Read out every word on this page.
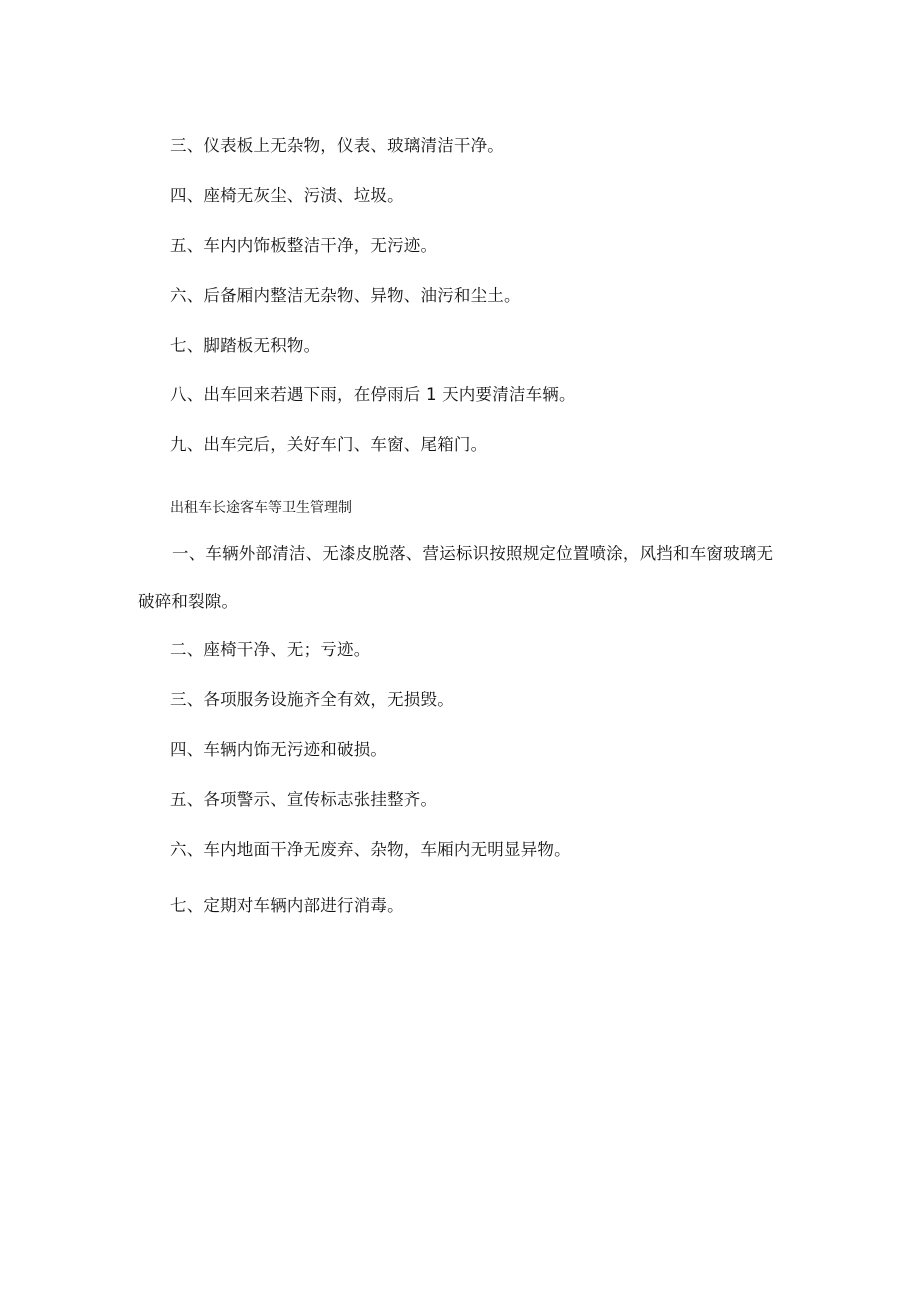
三、仪表板上无杂物，仪表、玻璃清洁干净。
四、座椅无灰尘、污渍、垃圾。
五、车内内饰板整洁干净，无污迹。
六、后备厢内整洁无杂物、异物、油污和尘土。
七、脚踏板无积物。
八、出车回来若遇下雨，在停雨后 1 天内要清洁车辆。
九、出车完后，关好车门、车窗、尾箱门。
出租车长途客车等卫生管理制
一、车辆外部清洁、无漆皮脱落、营运标识按照规定位置喷涂，风挡和车窗玻璃无
破碎和裂隙。
二、座椅干净、无；亏迹。
三、各项服务设施齐全有效，无损毁。
四、车辆内饰无污迹和破损。
五、各项警示、宣传标志张挂整齐。
六、车内地面干净无废弃、杂物，车厢内无明显异物。
七、定期对车辆内部进行消毒。
